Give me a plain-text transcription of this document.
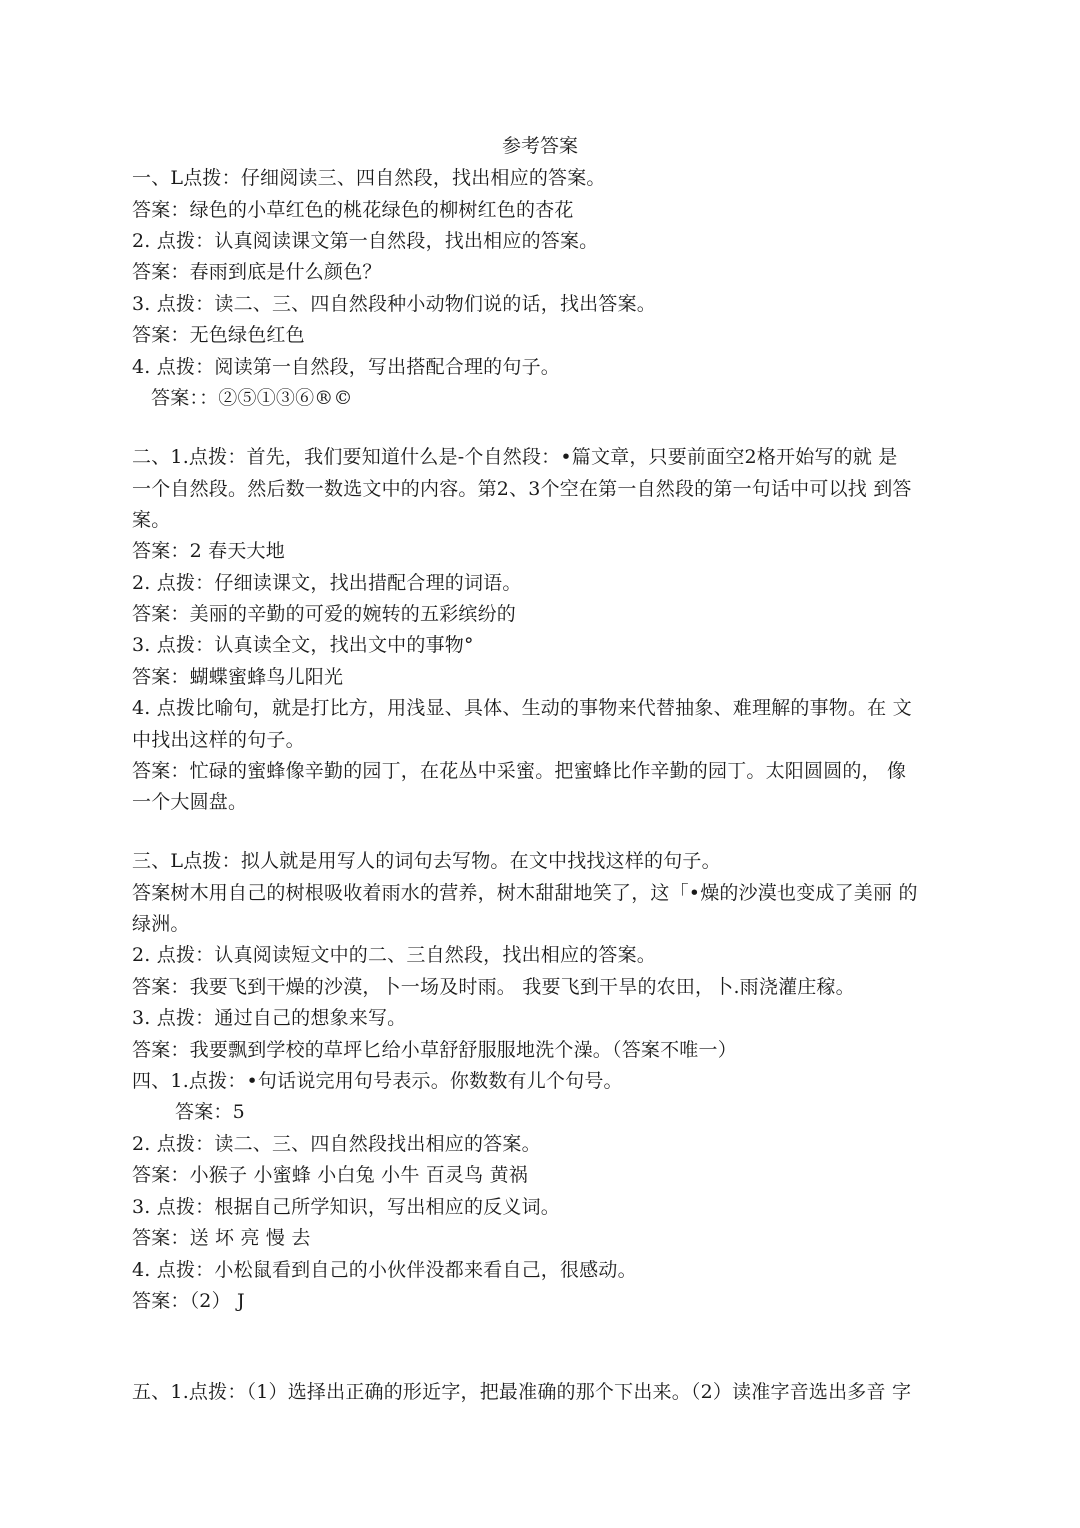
参考答案
一、L点拨：仔细阅读三、四自然段，找出相应的答案。
答案：绿色的小草红色的桃花绿色的柳树红色的杏花
2. 点拨：认真阅读课文第一自然段，找出相应的答案。
答案：春雨到底是什么颜色？
3. 点拨：读二、三、四自然段种小动物们说的话，找出答案。
答案：无色绿色红色
4. 点拨：阅读第一自然段，写出搭配合理的句子。
答案：：②⑤①③⑥®©
二、1.点拨：首先，我们要知道什么是-个自然段：•篇文章，只要前面空2格开始写的就 是
一个自然段。然后数一数选文中的内容。第2、3个空在第一自然段的第一句话中可以找 到答
案。
答案：2 春天大地
2. 点拨：仔细读课文，找出措配合理的词语。
答案：美丽的辛勤的可爱的婉转的五彩缤纷的
3. 点拨：认真读全文，找出文中的事物°
答案：蝴蝶蜜蜂鸟儿阳光
4. 点拨比喻句，就是打比方，用浅显、具体、生动的事物来代替抽象、难理解的事物。在 文
中找出这样的句子。
答案：忙碌的蜜蜂像辛勤的园丁，在花丛中采蜜。把蜜蜂比作辛勤的园丁。太阳圆圆的， 像
一个大圆盘。
三、L点拨：拟人就是用写人的词句去写物。在文中找找这样的句子。
答案树木用自己的树根吸收着雨水的营养，树木甜甜地笑了，这「•燥的沙漠也变成了美丽 的
绿洲。
2. 点拨：认真阅读短文中的二、三自然段，找出相应的答案。
答案：我要飞到干燥的沙漠，卜一场及时雨。 我要飞到干旱的农田，卜.雨浇灌庄稼。
3. 点拨：通过自己的想象来写。
答案：我要飘到学校的草坪匕给小草舒舒服服地洗个澡。（答案不唯一）
四、1.点拨：•句话说完用句号表示。你数数有儿个句号。
答案：5
2. 点拨：读二、三、四自然段找出相应的答案。
答案：小猴子 小蜜蜂 小白兔 小牛 百灵鸟 黄祸
3. 点拨：根据自己所学知识，写出相应的反义词。
答案：送 坏 亮 慢 去
4. 点拨：小松鼠看到自己的小伙伴没都来看自己，很感动。
答案：（2） J
五、1.点拨：（1）选择出正确的形近字，把最准确的那个下出来。（2）读准字音选出多音 字
